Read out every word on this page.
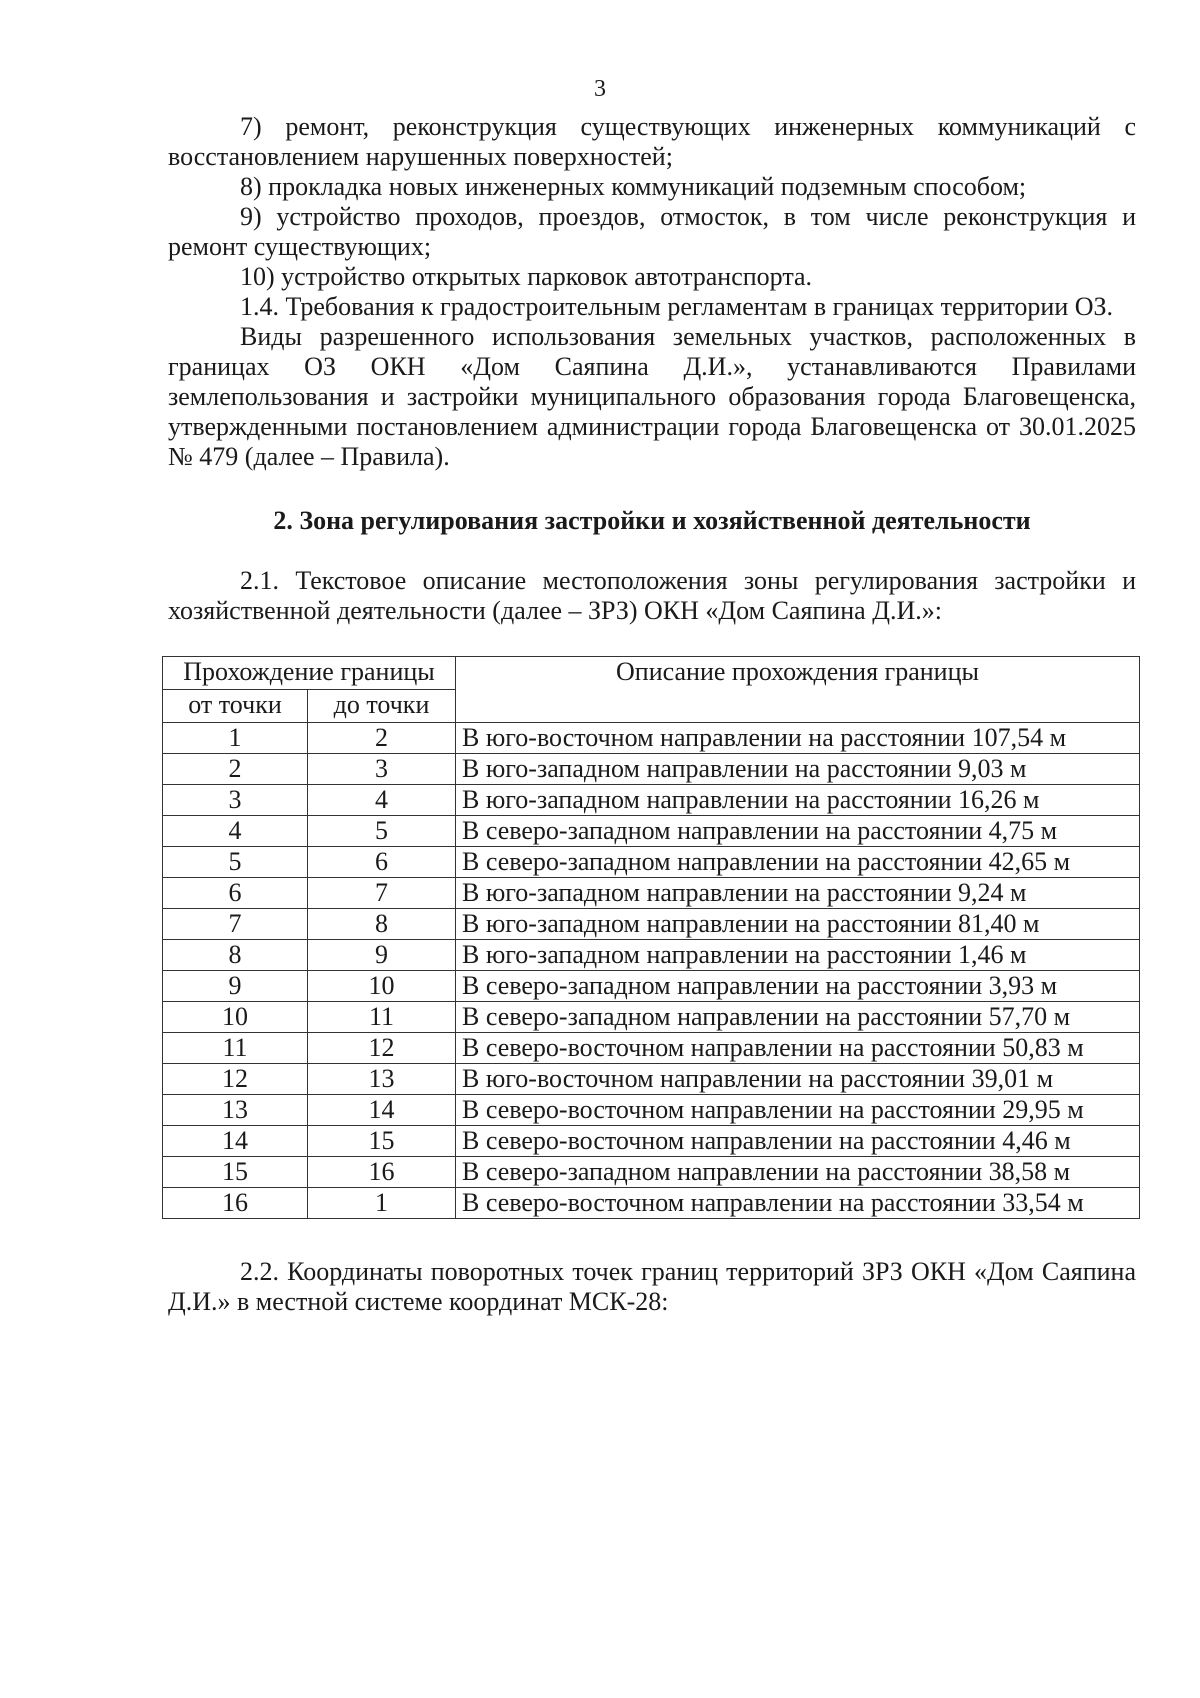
3

7) ремонт, реконструкция существующих инженерных коммуникаций с восстановлением нарушенных поверхностей;

8) прокладка новых инженерных коммуникаций подземным способом;

9) устройство проходов, проездов, отмосток, в том числе реконструкция и ремонт существующих;

10) устройство открытых парковок автотранспорта.

1.4. Требования к градостроительным регламентам в границах территории ОЗ.

Виды разрешенного использования земельных участков, расположенных в границах ОЗ ОКН «Дом Саяпина Д.И.», устанавливаются Правилами землепользования и застройки муниципального образования города Благовещенска, утвержденными постановлением администрации города Благовещенска от 30.01.2025 № 479 (далее – Правила).

2. Зона регулирования застройки и хозяйственной деятельности

2.1. Текстовое описание местоположения зоны регулирования застройки и хозяйственной деятельности (далее – ЗРЗ) ОКН «Дом Саяпина Д.И.»:

Прохождение границы		Описание прохождения границы
от точки	до точки	
1	2	В юго-восточном направлении на расстоянии 107,54 м
2	3	В юго-западном направлении на расстоянии 9,03 м
3	4	В юго-западном направлении на расстоянии 16,26 м
4	5	В северо-западном направлении на расстоянии 4,75 м
5	6	В северо-западном направлении на расстоянии 42,65 м
6	7	В юго-западном направлении на расстоянии 9,24 м
7	8	В юго-западном направлении на расстоянии 81,40 м
8	9	В юго-западном направлении на расстоянии 1,46 м
9	10	В северо-западном направлении на расстоянии 3,93 м
10	11	В северо-западном направлении на расстоянии 57,70 м
11	12	В северо-восточном направлении на расстоянии 50,83 м
12	13	В юго-восточном направлении на расстоянии 39,01 м
13	14	В северо-восточном направлении на расстоянии 29,95 м
14	15	В северо-восточном направлении на расстоянии 4,46 м
15	16	В северо-западном направлении на расстоянии 38,58 м
16	1	В северо-восточном направлении на расстоянии 33,54 м

2.2. Координаты поворотных точек границ территорий ЗРЗ ОКН «Дом Саяпина Д.И.» в местной системе координат МСК-28:
